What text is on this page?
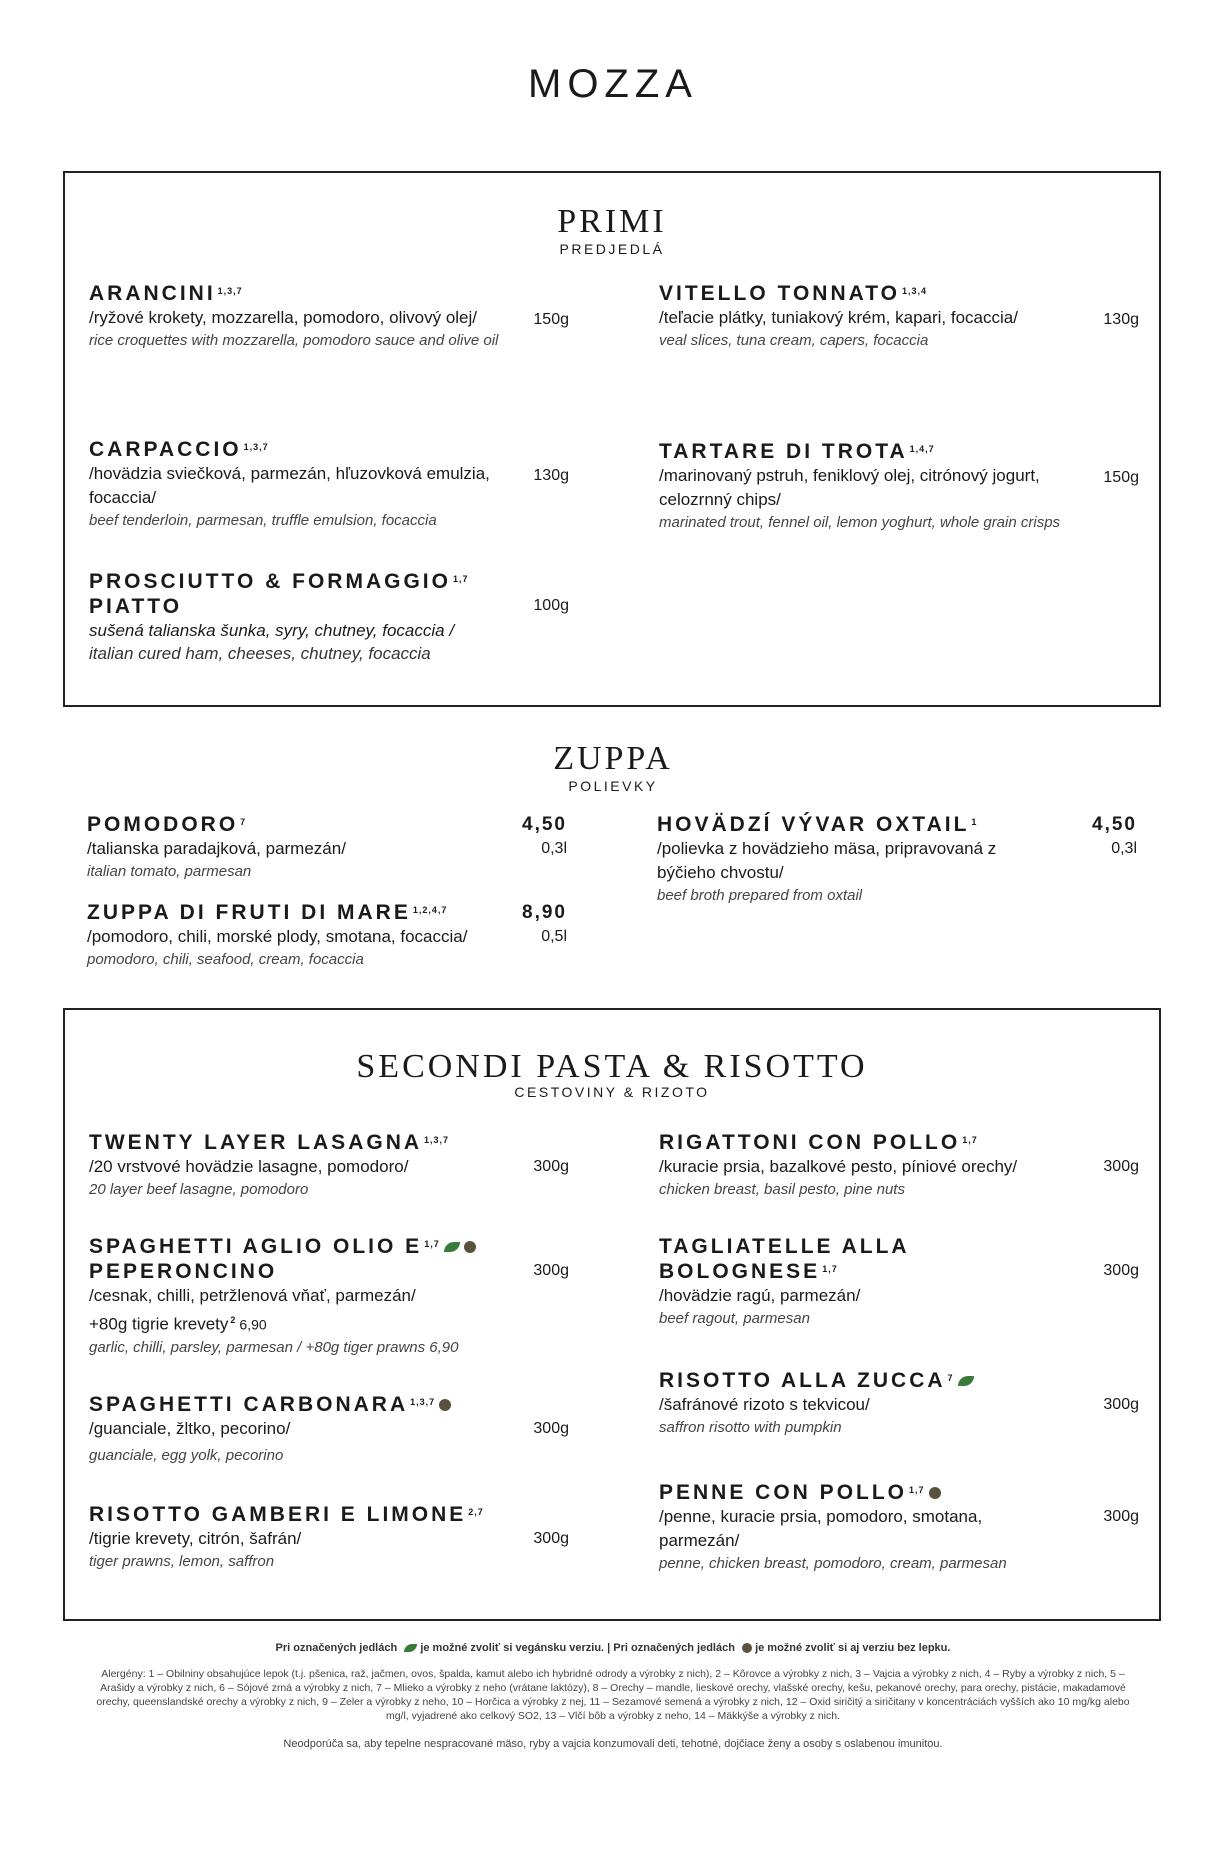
MOZZA
PRIMI
PREDJEDLÁ
ARANCINI $^{1,3,7}$
150g
/ryžové krokety, mozzarella, pomodoro, olivový olej/
rice croquettes with mozzarella, pomodoro sauce and olive oil
VITELLO TONNATO $^{1,3,4}$
130g
/teľacie plátky, tuniakový krém, kapari, focaccia/
veal slices, tuna cream, capers, focaccia
CARPACCIO $^{1,3,7}$
130g
/hovädzia sviečková, parmezán, hľuzovková emulzia, focaccia/
beef tenderloin, parmesan, truffle emulsion, focaccia
TARTARE DI TROTA $^{1,4,7}$
150g
/marinovaný pstruh, feniklový olej, citrónový jogurt, celozrnný chips/
marinated trout, fennel oil, lemon yoghurt, whole grain crisps
PROSCIUTTO & FORMAGGIO $^{1,7}$
PIATTO	100g
sušená talianska šunka, syry, chutney, focaccia /
italian cured ham, cheeses, chutney, focaccia
ZUPPA
POLIEVKY
POMODORO $^7$	4,50
0,3l
/talianska paradajková, parmezán/
italian tomato, parmesan
HOVÄDZÍ VÝVAR OXTAIL $^1$	4,50
0,3l
/polievka z hovädzieho mäsa, pripravovaná z býčieho chvostu/
beef broth prepared from oxtail
ZUPPA DI FRUTI DI MARE $^{1,2,4,7}$	8,90
0,5l
/pomodoro, chili, morské plody, smotana, focaccia/
pomodoro, chili, seafood, cream, focaccia
SECONDI PASTA & RISOTTO
CESTOVINY & RIZOTO
TWENTY LAYER LASAGNA $^{1,3,7}$
300g
/20 vrstvové hovädzie lasagne, pomodoro/
20 layer beef lasagne, pomodoro
RIGATTONI CON POLLO $^{1,7}$
300g
/kuracie prsia, bazalkové pesto, píniové orechy/
chicken breast, basil pesto, pine nuts
SPAGHETTI AGLIO OLIO E $^{1,7}$
PEPERONCINO	300g
/cesnak, chilli, petržlenová vňať, parmezán/
+80g tigrie krevety $^2$ 6,90
garlic, chilli, parsley, parmesan / +80g tiger prawns 6,90
TAGLIATELLE ALLA BOLOGNESE $^{1,7}$	300g
/hovädzie ragú, parmezán/
beef ragout, parmesan
RISOTTO ALLA ZUCCA $^7$
300g
/šafránové rizoto s tekvicou/
saffron risotto with pumpkin
SPAGHETTI CARBONARA $^{1,3,7}$
300g
/guanciale, žltko, pecorino/
guanciale, egg yolk, pecorino
PENNE CON POLLO $^{1,7}$
300g
/penne, kuracie prsia, pomodoro, smotana, parmezán/
penne, chicken breast, pomodoro, cream, parmesan
RISOTTO GAMBERI E LIMONE $^{2,7}$
300g
/tigrie krevety, citrón, šafrán/
tiger prawns, lemon, saffron
Pri označených jedlách je možné zvoliť si vegánsku verziu. | Pri označených jedlách je možné zvoliť si aj verziu bez lepku.
Alergény: 1 – Obilniny obsahujúce lepok (t.j. pšenica, raž, jačmen, ovos, špalda, kamut alebo ich hybridné odrody a výrobky z nich), 2 – Kôrovce a výrobky z nich, 3 – Vajcia a výrobky z nich, 4 – Ryby a výrobky z nich, 5 – Arašidy a výrobky z nich, 6 – Sójové zrná a výrobky z nich, 7 – Mlieko a výrobky z neho (vrátane laktózy), 8 – Orechy – mandle, lieskové orechy, vlašské orechy, kešu, pekanové orechy, para orechy, pistácie, makadamové orechy, queenslandské orechy a výrobky z nich, 9 – Zeler a výrobky z neho, 10 – Horčica a výrobky z nej, 11 – Sezamové semená a výrobky z nich, 12 – Oxid siričitý a siričitany v koncentráciách vyšších ako 10 mg/kg alebo mg/l, vyjadrené ako celkový SO2, 13 – Vlčí bôb a výrobky z neho, 14 – Mäkkýše a výrobky z nich.
Neodporúča sa, aby tepelne nespracované mäso, ryby a vajcia konzumovali deti, tehotné, dojčiace ženy a osoby s oslabenou imunitou.
